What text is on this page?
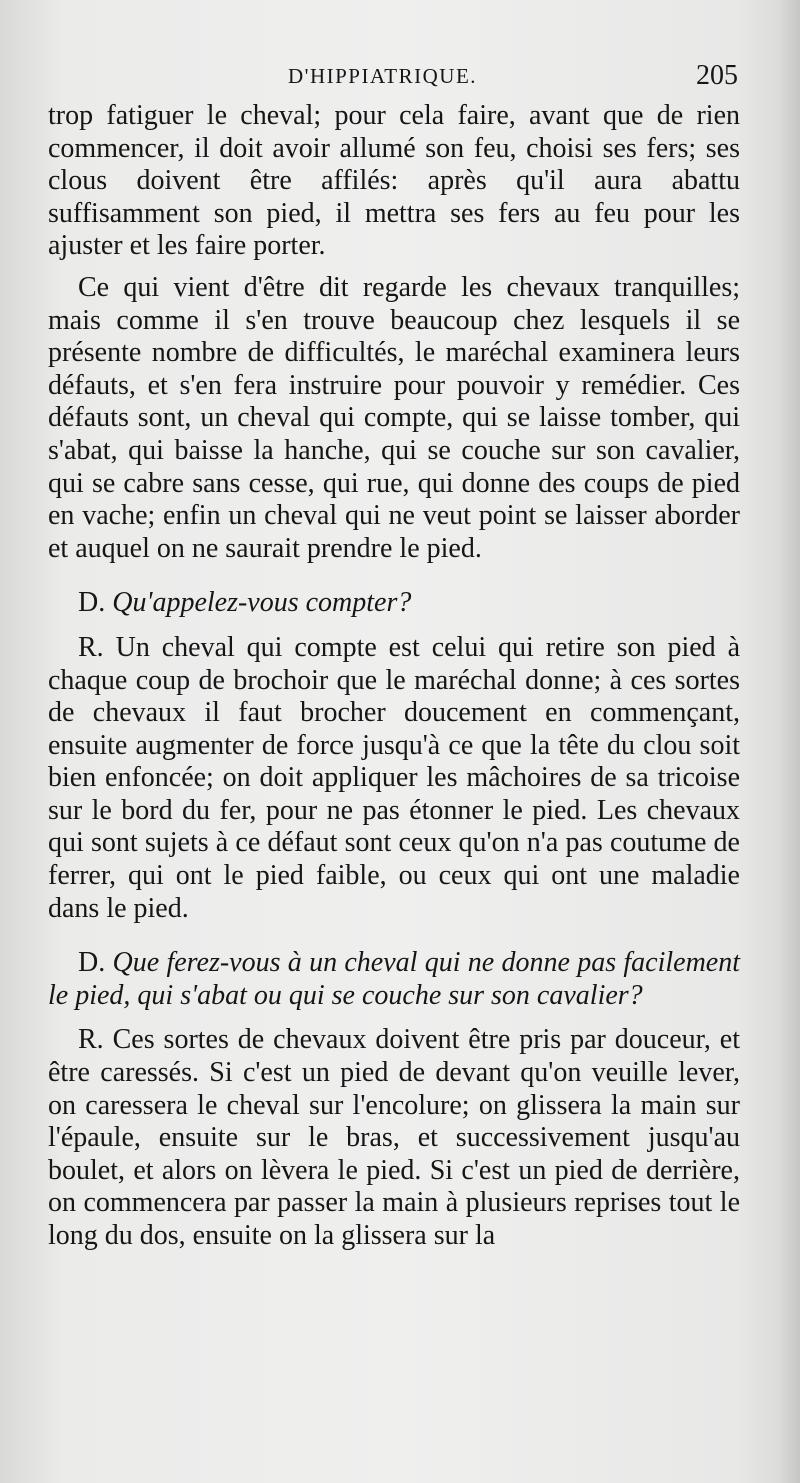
D'HIPPIATRIQUE.	205

trop fatiguer le cheval; pour cela faire, avant que de rien commencer, il doit avoir allumé son feu, choisi ses fers; ses clous doivent être affilés: après qu'il aura abattu suffisamment son pied, il mettra ses fers au feu pour les ajuster et les faire porter.

Ce qui vient d'être dit regarde les chevaux tranquilles; mais comme il s'en trouve beaucoup chez lesquels il se présente nombre de difficultés, le maréchal examinera leurs défauts, et s'en fera instruire pour pouvoir y remédier. Ces défauts sont, un cheval qui compte, qui se laisse tomber, qui s'abat, qui baisse la hanche, qui se couche sur son cavalier, qui se cabre sans cesse, qui rue, qui donne des coups de pied en vache; enfin un cheval qui ne veut point se laisser aborder et auquel on ne saurait prendre le pied.

D. Qu'appelez-vous compter?

R. Un cheval qui compte est celui qui retire son pied à chaque coup de brochoir que le maréchal donne; à ces sortes de chevaux il faut brocher doucement en commençant, ensuite augmenter de force jusqu'à ce que la tête du clou soit bien enfoncée; on doit appliquer les mâchoires de sa tricoise sur le bord du fer, pour ne pas étonner le pied. Les chevaux qui sont sujets à ce défaut sont ceux qu'on n'a pas coutume de ferrer, qui ont le pied faible, ou ceux qui ont une maladie dans le pied.

D. Que ferez-vous à un cheval qui ne donne pas facilement le pied, qui s'abat ou qui se couche sur son cavalier?

R. Ces sortes de chevaux doivent être pris par douceur, et être caressés. Si c'est un pied de devant qu'on veuille lever, on caressera le cheval sur l'encolure; on glissera la main sur l'épaule, ensuite sur le bras, et successivement jusqu'au boulet, et alors on lèvera le pied. Si c'est un pied de derrière, on commencera par passer la main à plusieurs reprises tout le long du dos, ensuite on la glissera sur la
